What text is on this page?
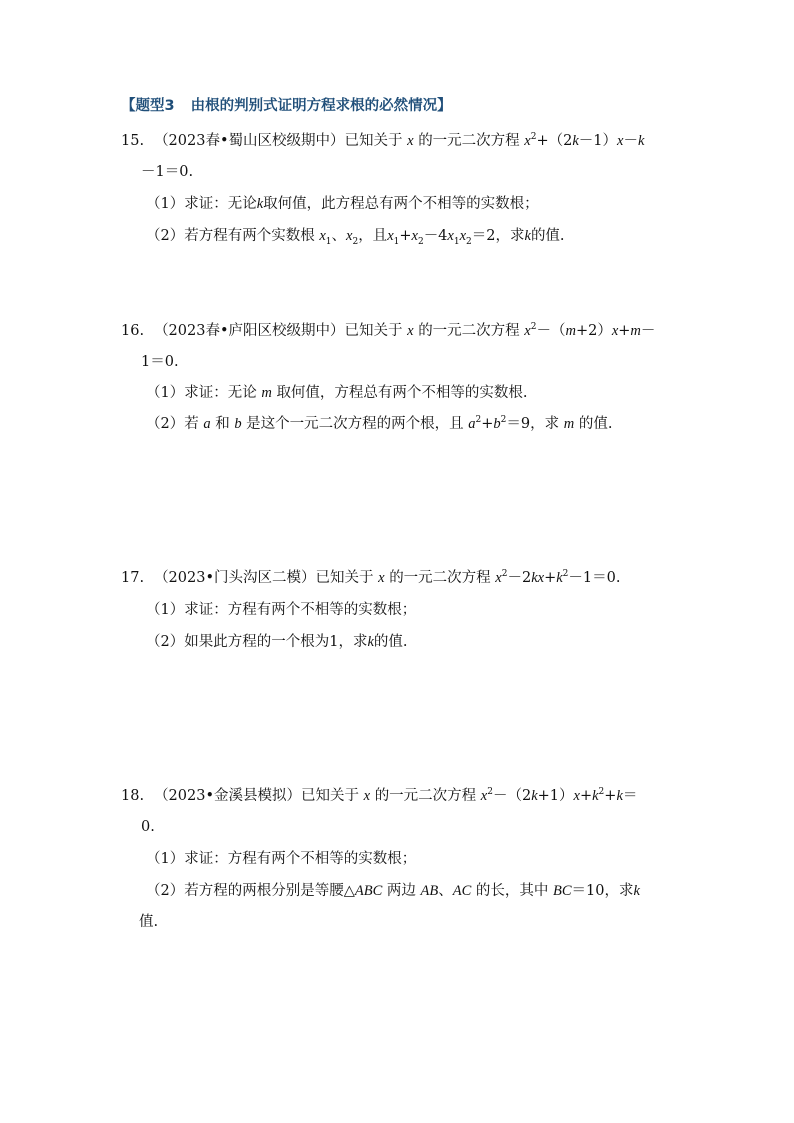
【题型3 由根的判别式证明方程求根的必然情况】
15. （2023春•蜀山区校级期中）已知关于 x 的一元二次方程 $x^2+(2k-1)x-k$
－1＝0.
（1）求证：无论k取何值，此方程总有两个不相等的实数根；
（2）若方程有两个实数根 $x_1$、$x_2$，且$x_1+x_2-4x_1x_2=2$，求k的值.
16. （2023春•庐阳区校级期中）已知关于 x 的一元二次方程 $x^2-(m+2)x+m-$
1＝0.
（1）求证：无论 m 取何值，方程总有两个不相等的实数根.
（2）若 a 和 b 是这个一元二次方程的两个根，且 $a^2+b^2=9$，求 m 的值.
17. （2023•门头沟区二模）已知关于 x 的一元二次方程 $x^2-2kx+k^2-1=0$.
（1）求证：方程有两个不相等的实数根；
（2）如果此方程的一个根为1，求k的值.
18. （2023•金溪县模拟）已知关于 x 的一元二次方程 $x^2-(2k+1)x+k^2+k=$
0.
（1）求证：方程有两个不相等的实数根；
（2）若方程的两根分别是等腰△ABC 两边 AB、AC 的长，其中 BC＝10，求k
值.
